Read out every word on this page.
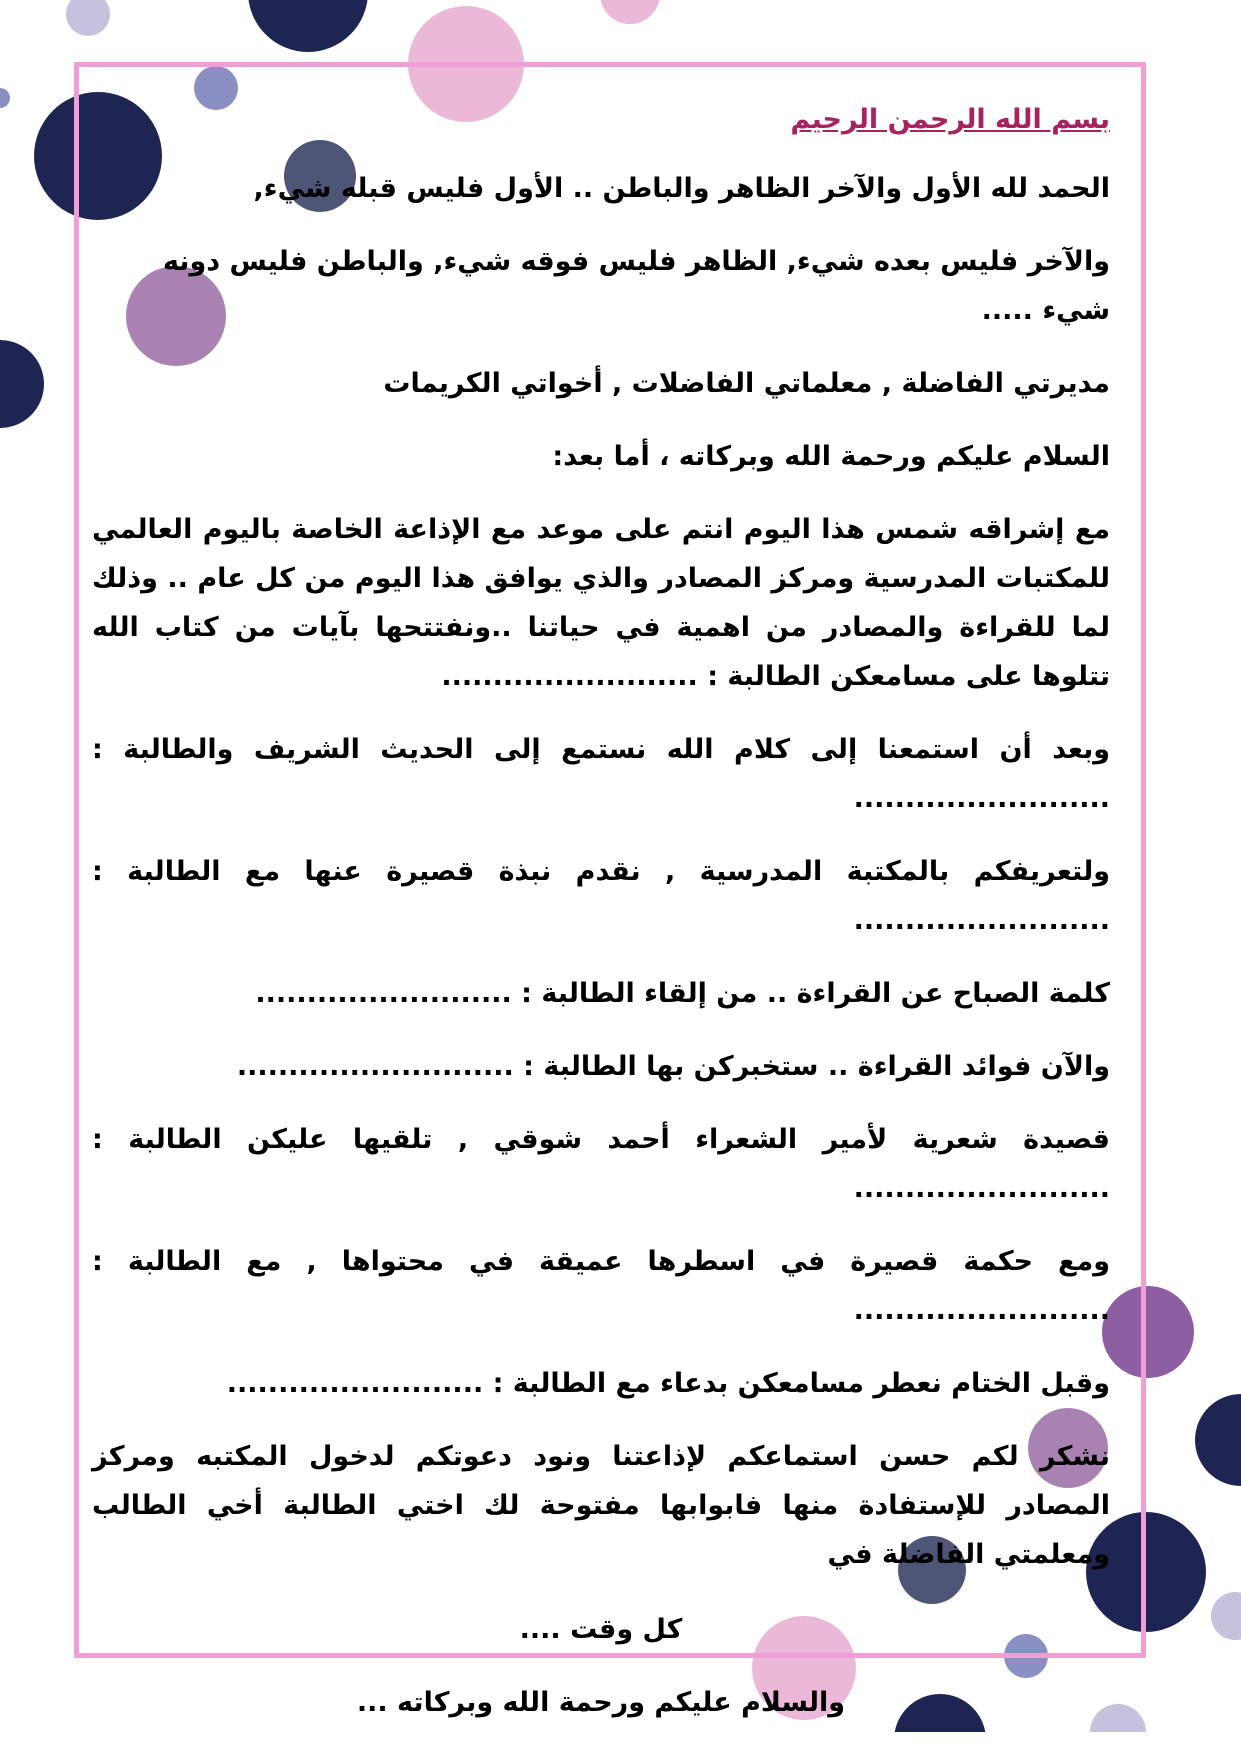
بسم الله الرحمن الرحيم
الحمد لله الأول والآخر الظاهر والباطن .. الأول فليس قبله شيء,
والآخر فليس بعده شيء, الظاهر فليس فوقه شيء, والباطن فليس دونه شيء .....
مديرتي الفاضلة , معلماتي الفاضلات , أخواتي الكريمات
السلام عليكم ورحمة الله وبركاته ، أما بعد:
مع إشراقه شمس هذا اليوم انتم على موعد مع الإذاعة الخاصة باليوم العالمي للمكتبات المدرسية ومركز المصادر والذي يوافق هذا اليوم من كل عام .. وذلك لما للقراءة والمصادر من اهمية في حياتنا ..ونفتتحها بآيات من كتاب الله تتلوها على مسامعكن الطالبة : .........................
وبعد أن استمعنا إلى كلام الله نستمع إلى الحديث الشريف والطالبة : .........................
ولتعريفكم بالمكتبة المدرسية , نقدم نبذة قصيرة عنها مع الطالبة : .........................
كلمة الصباح عن القراءة .. من إلقاء الطالبة : .........................
والآن فوائد القراءة .. ستخبركن بها الطالبة : ...........................
قصيدة شعرية لأمير الشعراء أحمد شوقي , تلقيها عليكن الطالبة : .........................
ومع حكمة قصيرة في اسطرها عميقة في محتواها , مع الطالبة : .........................
وقبل الختام نعطر مسامعكن بدعاء مع الطالبة : .........................
نشكر لكم حسن استماعكم لإذاعتنا ونود دعوتكم لدخول المكتبه ومركز المصادر للإستفادة منها فابوابها مفتوحة لك اختي الطالبة أخي الطالب ومعلمتي الفاضلة في
كل وقت ....
والسلام عليكم ورحمة الله وبركاته ...
